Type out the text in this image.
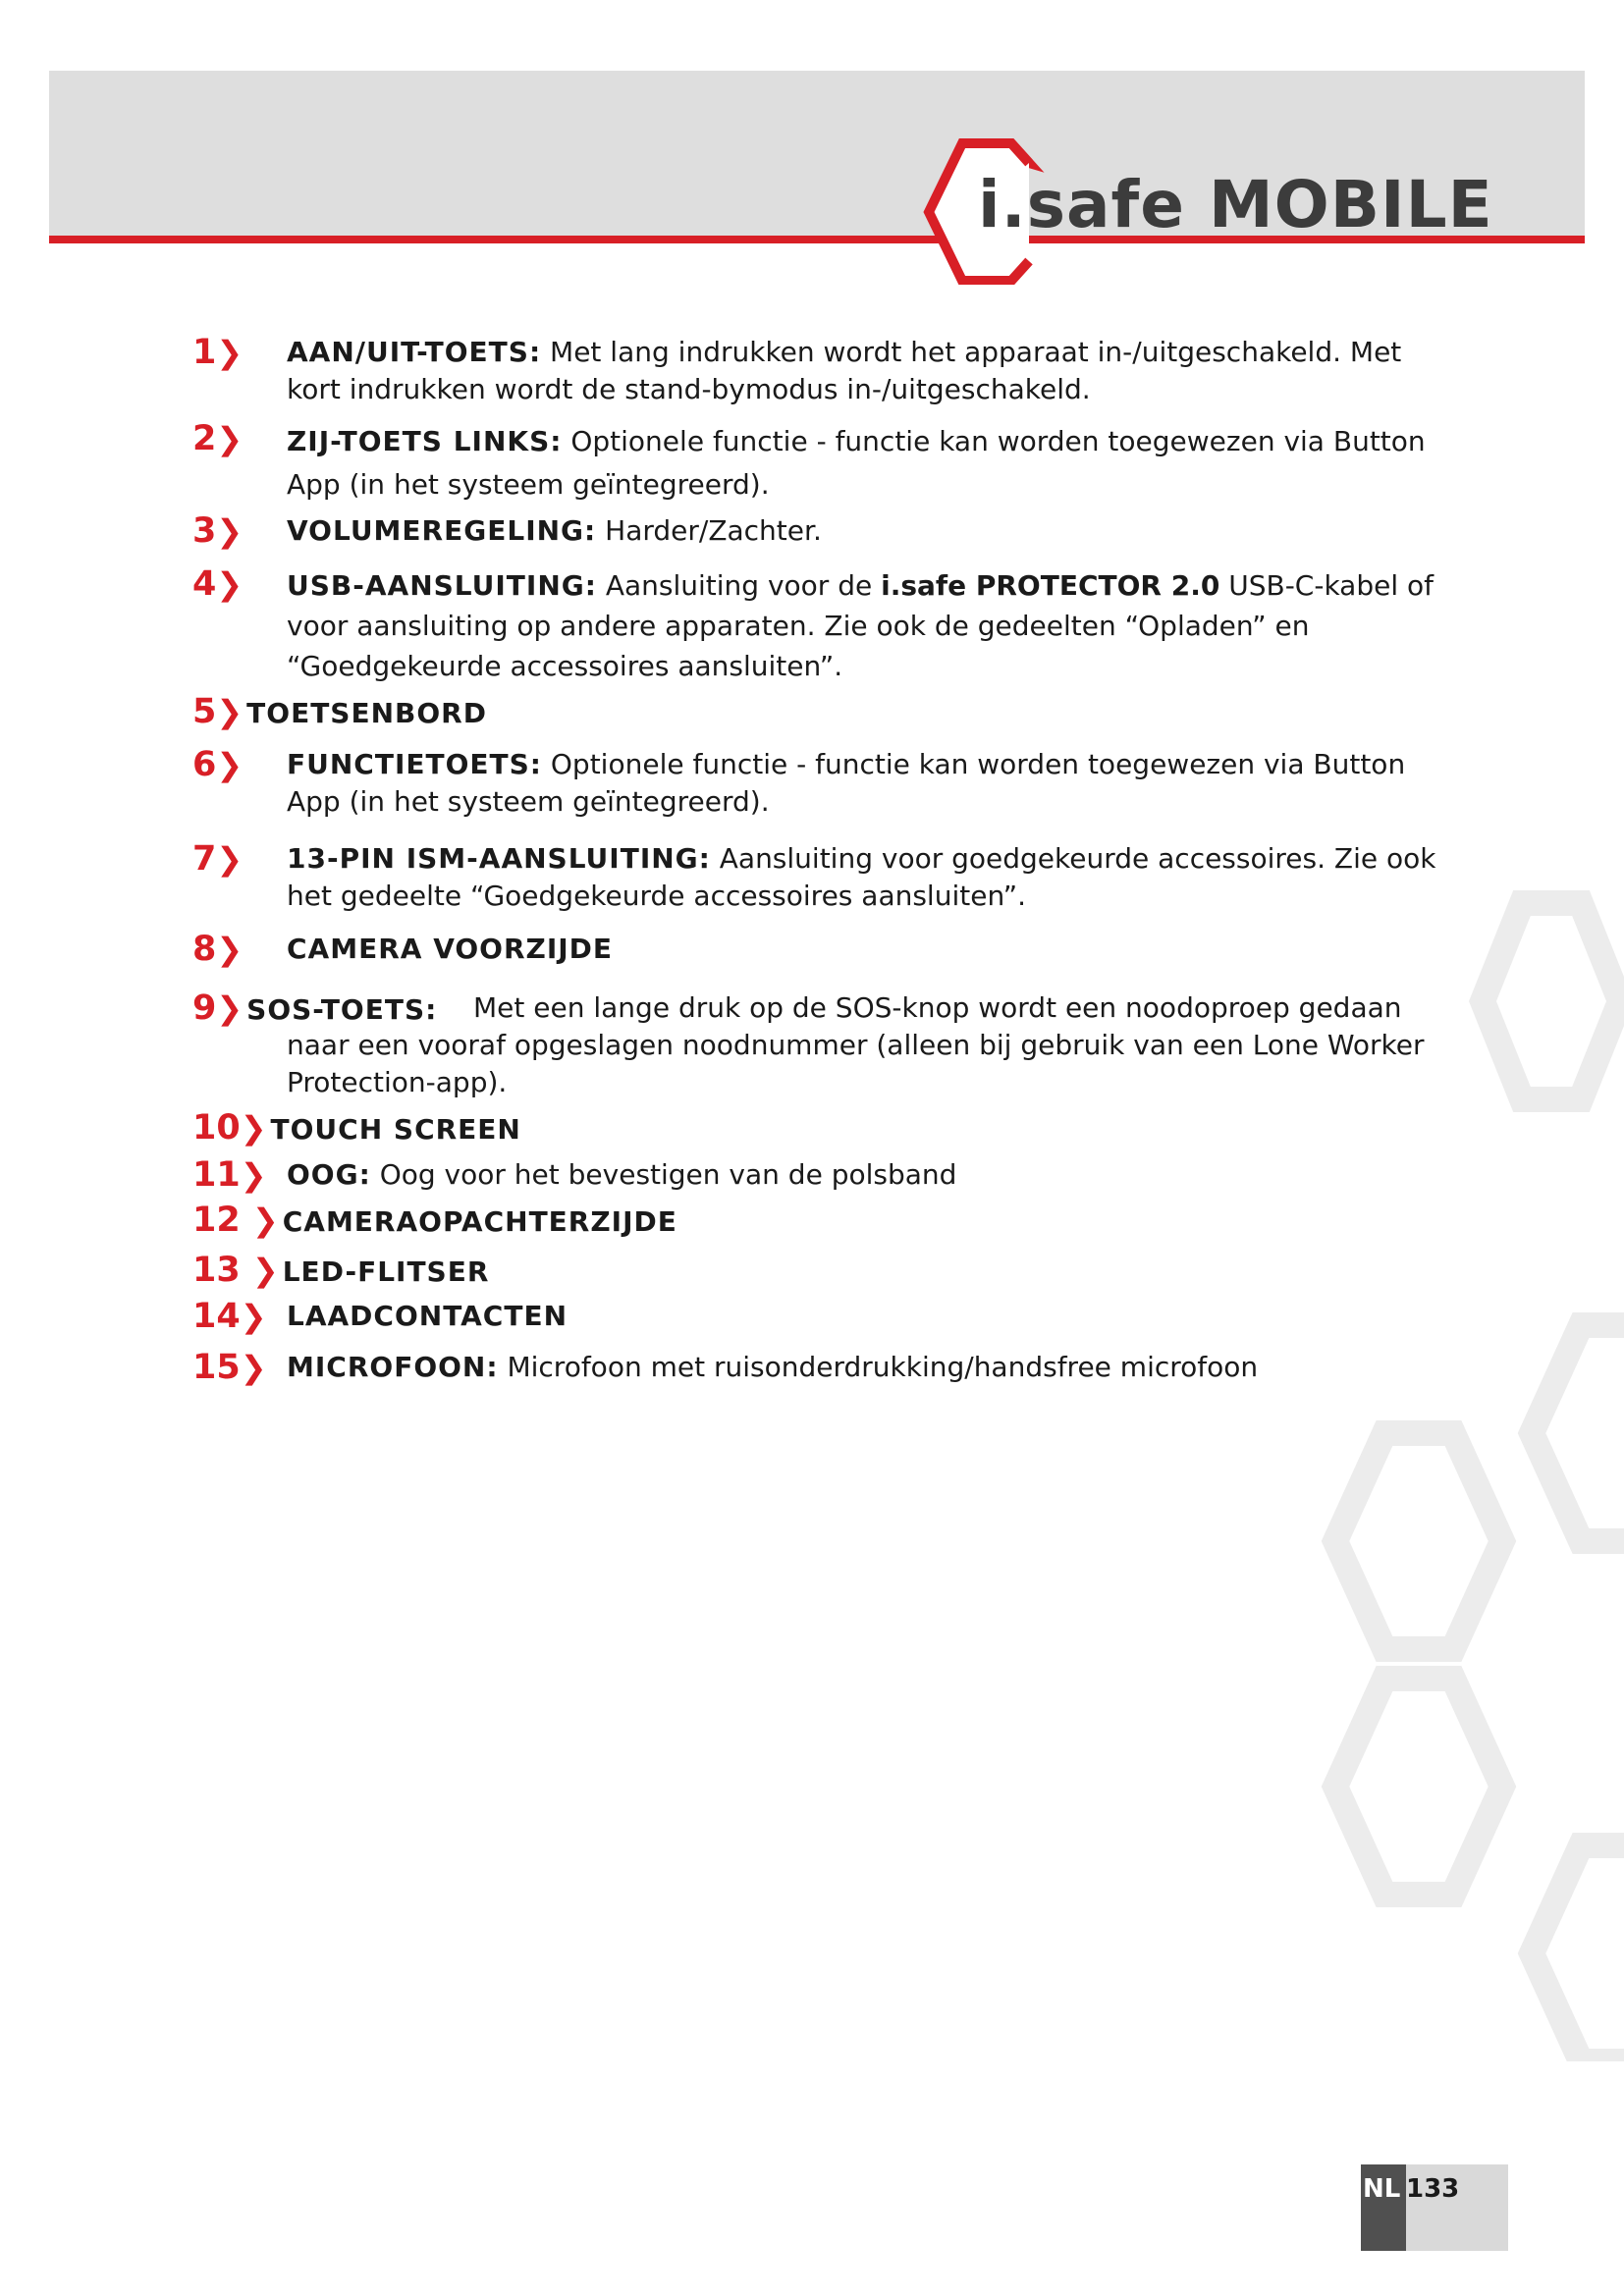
i.safe MOBILE
1❯ AAN/UIT-TOETS: Met lang indrukken wordt het apparaat in-/uitgeschakeld. Met kort indrukken wordt de stand-bymodus in-/uitgeschakeld.
2❯ ZIJ-TOETS LINKS: Optionele functie - functie kan worden toegewezen via Button App (in het systeem geïntegreerd).
3❯ VOLUMEREGELING: Harder/Zachter.
4❯ USB-AANSLUITING: Aansluiting voor de i.safe PROTECTOR 2.0 USB-C-kabel of voor aansluiting op andere apparaten. Zie ook de gedeelten “Opladen” en “Goedgekeurde accessoires aansluiten”.
5❯ TOETSENBORD
6❯ FUNCTIETOETS: Optionele functie - functie kan worden toegewezen via Button App (in het systeem geïntegreerd).
7❯ 13-PIN ISM-AANSLUITING: Aansluiting voor goedgekeurde accessoires. Zie ook het gedeelte “Goedgekeurde accessoires aansluiten”.
8❯ CAMERA VOORZIJDE
9❯ SOS-TOETS:	Met een lange druk op de SOS-knop wordt een noodoproep gedaan naar een vooraf opgeslagen noodnummer (alleen bij gebruik van een Lone Worker Protection-app).
10❯ TOUCH SCREEN
11❯ OOG: Oog voor het bevestigen van de polsband
12 ❯ CAMERAOPACHTERZIJDE
13 ❯ LED-FLITSER
14❯ LAADCONTACTEN
15❯ MICROFOON: Microfoon met ruisonderdrukking/handsfree microfoon
NL 133
